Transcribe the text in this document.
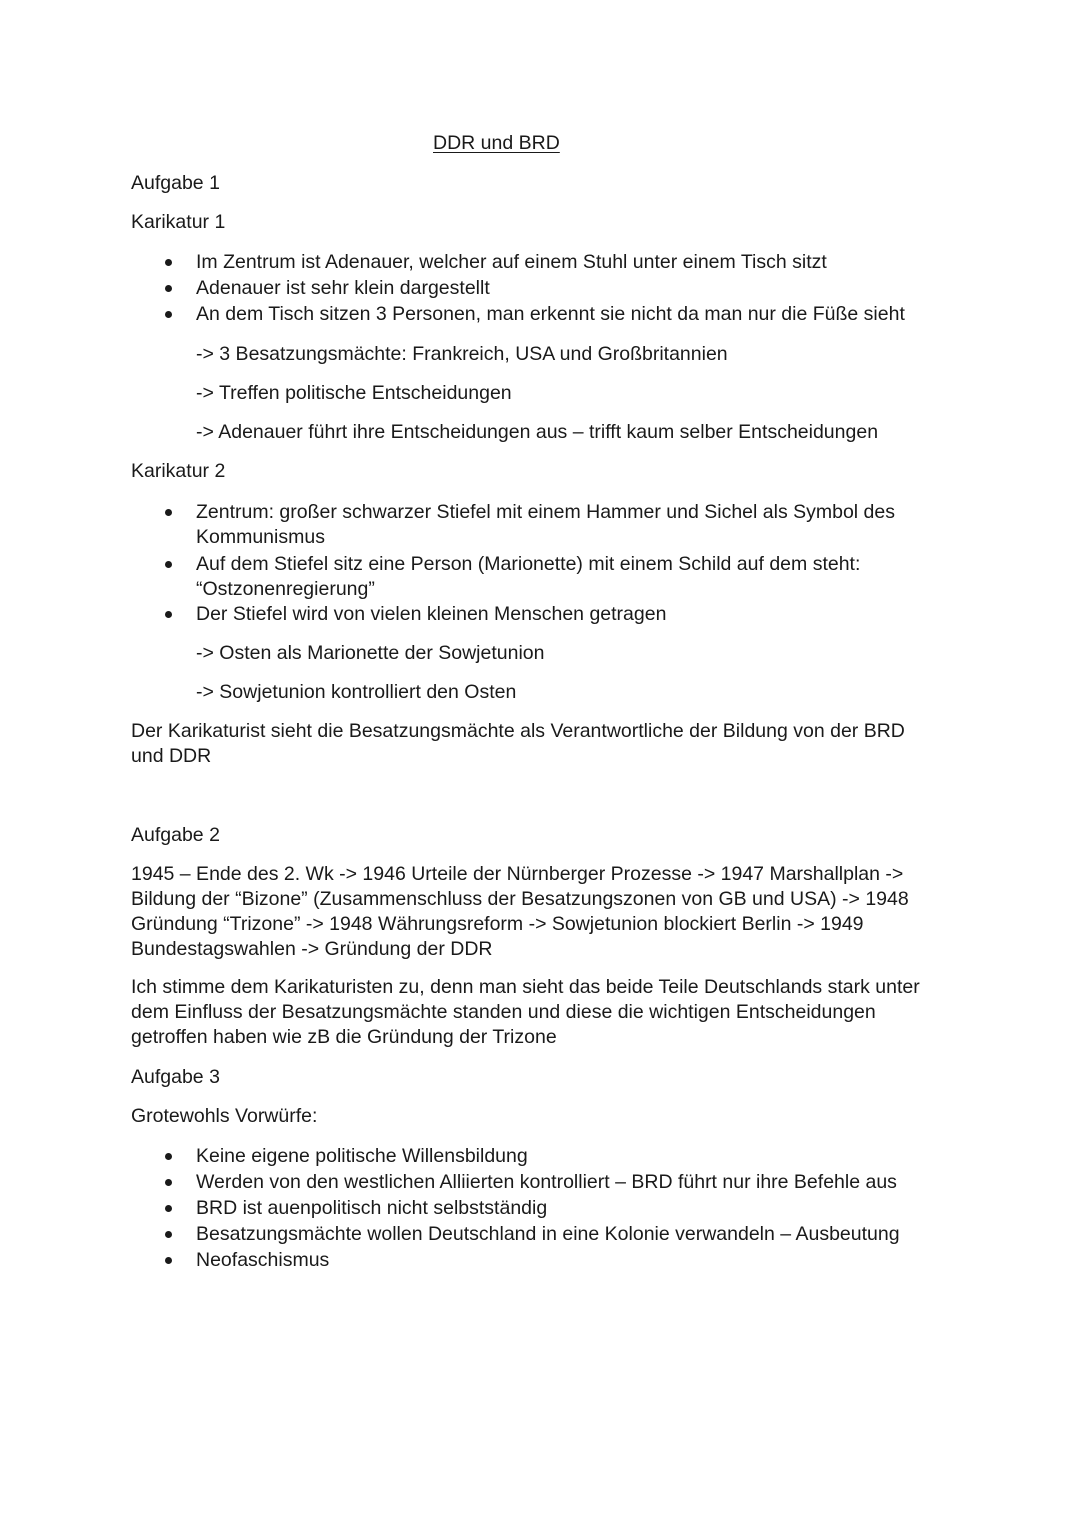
DDR und BRD
Aufgabe 1
Karikatur 1
Im Zentrum ist Adenauer, welcher auf einem Stuhl unter einem Tisch sitzt
Adenauer ist sehr klein dargestellt
An dem Tisch sitzen 3 Personen, man erkennt sie nicht da man nur die Füße sieht
-> 3 Besatzungsmächte: Frankreich, USA und Großbritannien
-> Treffen politische Entscheidungen
-> Adenauer führt ihre Entscheidungen aus – trifft kaum selber Entscheidungen
Karikatur 2
Zentrum: großer schwarzer Stiefel mit einem Hammer und Sichel als Symbol des Kommunismus
Auf dem Stiefel sitz eine Person (Marionette) mit einem Schild auf dem steht: “Ostzonenregierung”
Der Stiefel wird von vielen kleinen Menschen getragen
-> Osten als Marionette der Sowjetunion
-> Sowjetunion kontrolliert den Osten
Der Karikaturist sieht die Besatzungsmächte als Verantwortliche der Bildung von der BRD und DDR
Aufgabe 2
1945 – Ende des 2. Wk -> 1946 Urteile der Nürnberger Prozesse -> 1947 Marshallplan -> Bildung der “Bizone” (Zusammenschluss der Besatzungszonen von GB und USA) -> 1948 Gründung “Trizone” -> 1948 Währungsreform -> Sowjetunion blockiert Berlin -> 1949 Bundestagswahlen -> Gründung der DDR
Ich stimme dem Karikaturisten zu, denn man sieht das beide Teile Deutschlands stark unter dem Einfluss der Besatzungsmächte standen und diese die wichtigen Entscheidungen getroffen haben wie zB die Gründung der Trizone
Aufgabe 3
Grotewohls Vorwürfe:
Keine eigene politische Willensbildung
Werden von den westlichen Alliierten kontrolliert – BRD führt nur ihre Befehle aus
BRD ist auenpolitisch nicht selbstständig
Besatzungsmächte wollen Deutschland in eine Kolonie verwandeln – Ausbeutung
Neofaschismus
